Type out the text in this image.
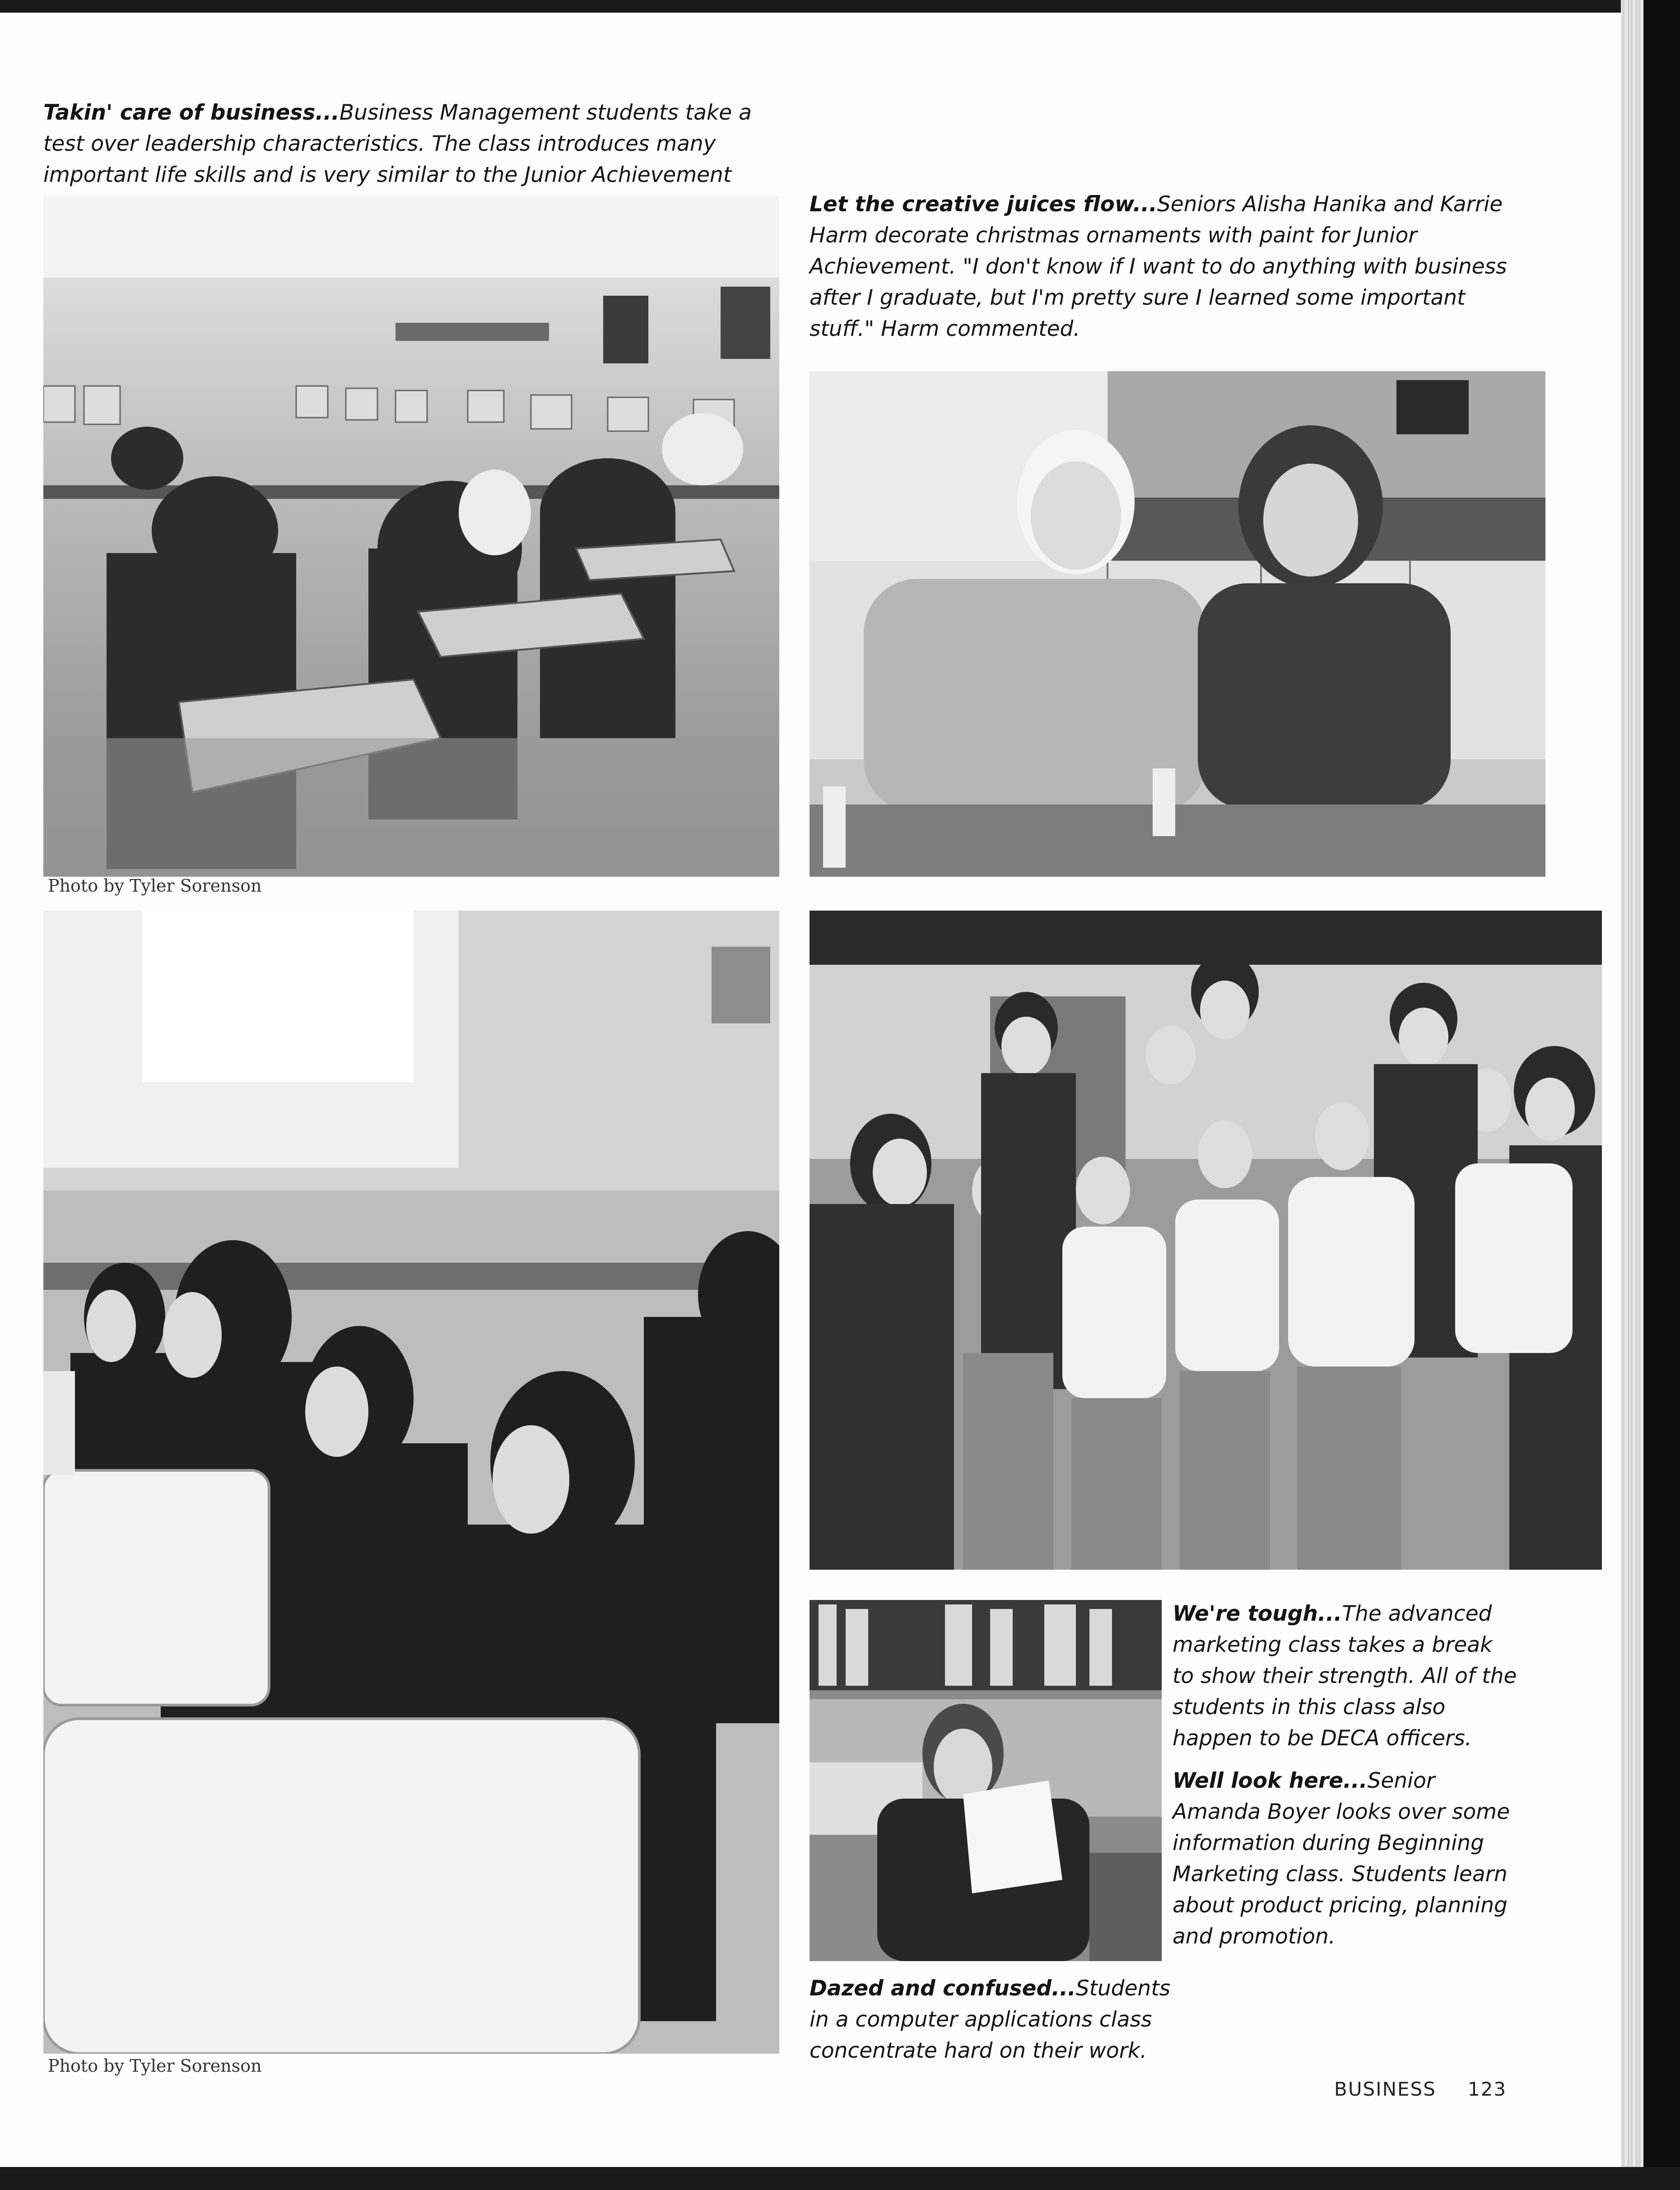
Takin' care of business...Business Management students take a test over leadership characteristics. The class introduces many important life skills and is very similar to the Junior Achievement
Photo by Tyler Sorenson
Let the creative juices flow...Seniors Alisha Hanika and Karrie Harm decorate christmas ornaments with paint for Junior Achievement. "I don't know if I want to do anything with business after I graduate, but I'm pretty sure I learned some important stuff." Harm commented.
Photo by Tyler Sorenson
We're tough...The advanced marketing class takes a break to show their strength. All of the students in this class also happen to be DECA officers.
Well look here...Senior Amanda Boyer looks over some information during Beginning Marketing class. Students learn about product pricing, planning and promotion.
Dazed and confused...Students in a computer applications class concentrate hard on their work.
BUSINESS 123
